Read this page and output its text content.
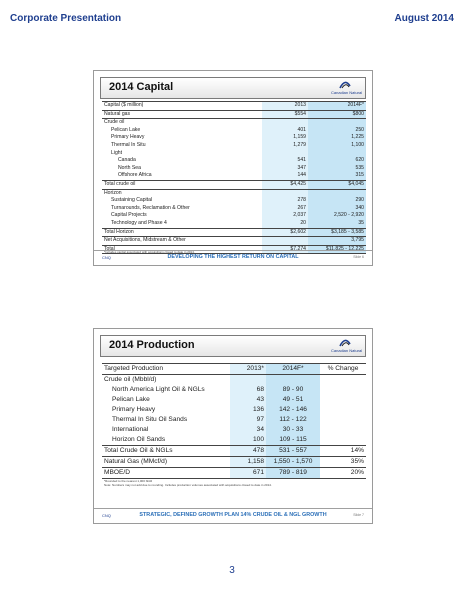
Corporate Presentation	August 2014
2014 Capital	Canadian Natural
Capital ($ million)	2013	2014F*
Natural gas	$554	$800
Crude oil		
Pelican Lake	401	250
Primary Heavy	1,159	1,225
Thermal In Situ	1,279	1,100
Light		
Canada	541	620
North Sea	347	535
Offshore Africa	144	315
Total crude oil	$4,425	$4,045
Horizon		
Sustaining Capital	278	290
Turnarounds, Reclamation & Other	267	340
Capital Projects	2,037	2,520 - 2,920
Technology and Phase 4	20	35
Total Horizon	$2,602	$3,185 - 3,585
Net Acquisitions, Midstream & Other		3,795
Total	$7,274	$11,825 - 12,225
*Includes capital associated with acquisitions closed to date in 2014.
CNQ	DEVELOPING THE HIGHEST RETURN ON CAPITAL	Slide 6
2014 Production	Canadian Natural
Targeted Production	2013*	2014F*	% Change
Crude oil (Mbbl/d)			
North America Light Oil & NGLs	68	89 - 90	
Pelican Lake	43	49 - 51	
Primary Heavy	136	142 - 146	
Thermal In Situ Oil Sands	97	112 - 122	
International	34	30 - 33	
Horizon Oil Sands	100	109 - 115	
Total Crude Oil & NGLs	478	531 - 557	14%
Natural Gas (MMcf/d)	1,158	1,550 - 1,570	35%
MBOE/D	671	789 - 819	20%
*Rounded to the nearest 1,000 bbl/d
Note: Numbers may not add due to rounding. Includes production volumes associated with acquisitions closed to date in 2014.
CNQ	STRATEGIC, DEFINED GROWTH PLAN 14% CRUDE OIL & NGL GROWTH	Slide 7
3
